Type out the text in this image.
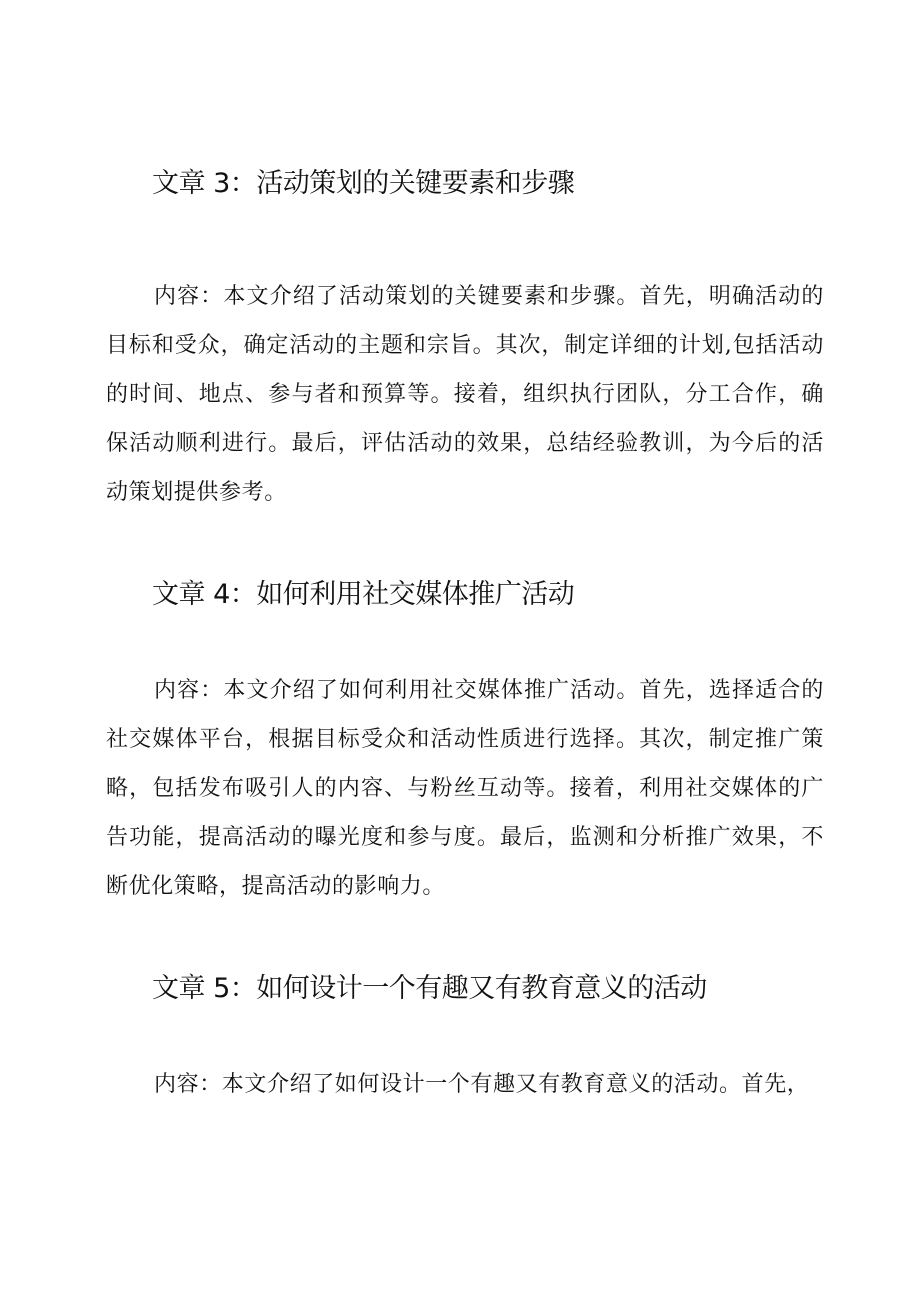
文章 3：活动策划的关键要素和步骤

内容：本文介绍了活动策划的关键要素和步骤。首先，明确活动的目标和受众，确定活动的主题和宗旨。其次，制定详细的计划,包括活动的时间、地点、参与者和预算等。接着，组织执行团队，分工合作，确保活动顺利进行。最后，评估活动的效果，总结经验教训，为今后的活动策划提供参考。

文章 4：如何利用社交媒体推广活动

内容：本文介绍了如何利用社交媒体推广活动。首先，选择适合的社交媒体平台，根据目标受众和活动性质进行选择。其次，制定推广策略，包括发布吸引人的内容、与粉丝互动等。接着，利用社交媒体的广告功能，提高活动的曝光度和参与度。最后，监测和分析推广效果，不断优化策略，提高活动的影响力。

文章 5：如何设计一个有趣又有教育意义的活动

内容：本文介绍了如何设计一个有趣又有教育意义的活动。首先，
